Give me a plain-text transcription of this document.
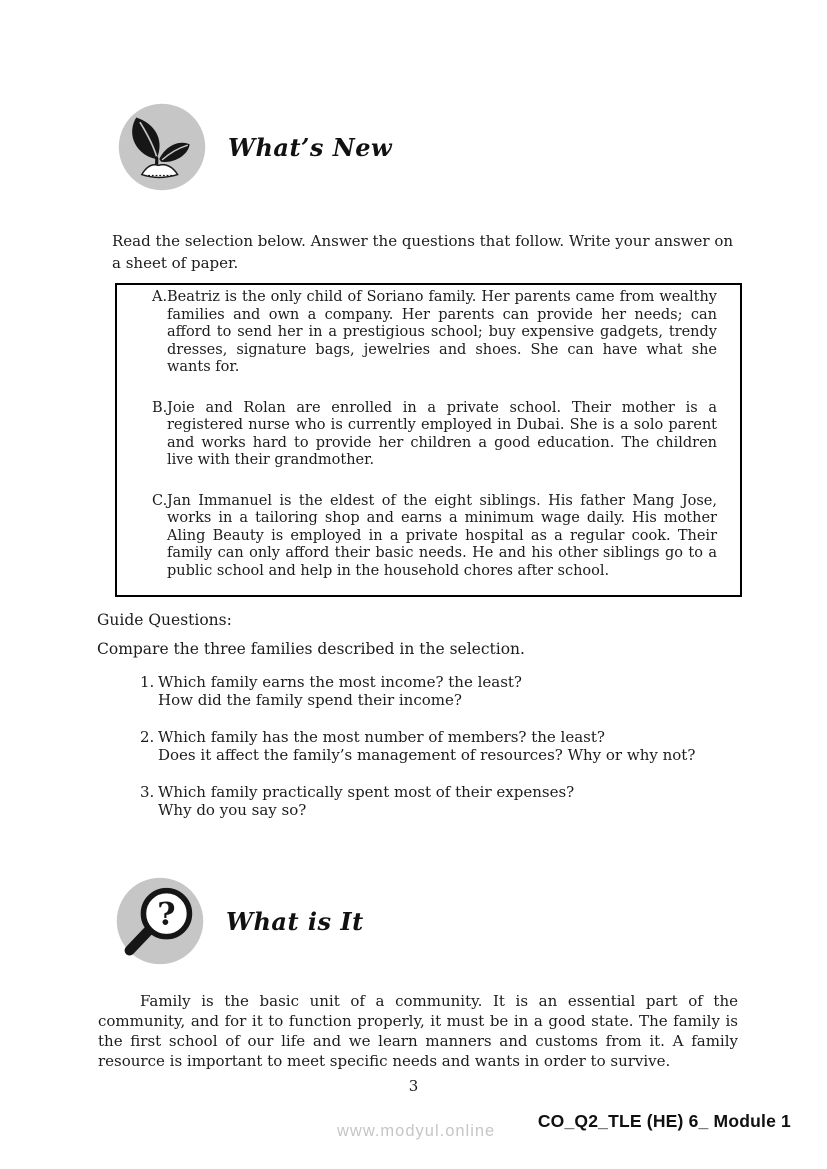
What’s New
Read the selection below. Answer the questions that follow. Write your answer on a sheet of paper.
A. Beatriz is the only child of Soriano family. Her parents came from wealthy families and own a company. Her parents can provide her needs; can afford to send her in a prestigious school; buy expensive gadgets, trendy dresses, signature bags, jewelries and shoes. She can have what she wants for.
B. Joie and Rolan are enrolled in a private school. Their mother is a registered nurse who is currently employed in Dubai. She is a solo parent and works hard to provide her children a good education. The children live with their grandmother.
C. Jan Immanuel is the eldest of the eight siblings. His father Mang Jose, works in a tailoring shop and earns a minimum wage daily. His mother Aling Beauty is employed in a private hospital as a regular cook. Their family can only afford their basic needs. He and his other siblings go to a public school and help in the household chores after school.
Guide Questions:
Compare the three families described in the selection.
1. Which family earns the most income? the least?
How did the family spend their income?
2. Which family has the most number of members? the least?
Does it affect the family’s management of resources? Why or why not?
3. Which family practically spent most of their expenses?
Why do you say so?
? What is It
Family is the basic unit of a community. It is an essential part of the community, and for it to function properly, it must be in a good state. The family is the first school of our life and we learn manners and customs from it. A family resource is important to meet specific needs and wants in order to survive.
3
CO_Q2_TLE (HE) 6_ Module 1
www.modyul.online
